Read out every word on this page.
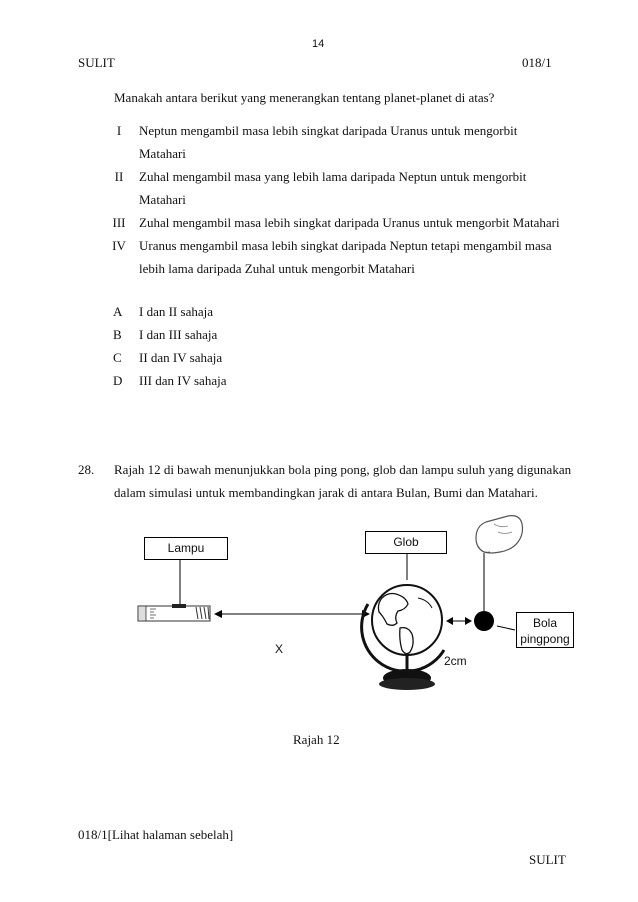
14
SULIT	018/1
Manakah antara berikut yang menerangkan tentang planet-planet di atas?
I	Neptun mengambil masa lebih singkat daripada Uranus untuk mengorbit
Matahari
II	Zuhal mengambil masa yang lebih lama daripada Neptun untuk mengorbit
Matahari
III	Zuhal mengambil masa lebih singkat daripada Uranus untuk mengorbit Matahari
IV	Uranus mengambil masa lebih singkat daripada Neptun tetapi mengambil masa
lebih lama daripada Zuhal untuk mengorbit Matahari
A I dan II sahaja
B I dan III sahaja
C II dan IV sahaja
D III dan IV sahaja
28. Rajah 12 di bawah menunjukkan bola ping pong, glob dan lampu suluh yang digunakan
dalam simulasi untuk membandingkan jarak di antara Bulan, Bumi dan Matahari.
Lampu	Glob
Bola
pingpong
X
2cm
Rajah 12
018/1[Lihat halaman sebelah]
SULIT
